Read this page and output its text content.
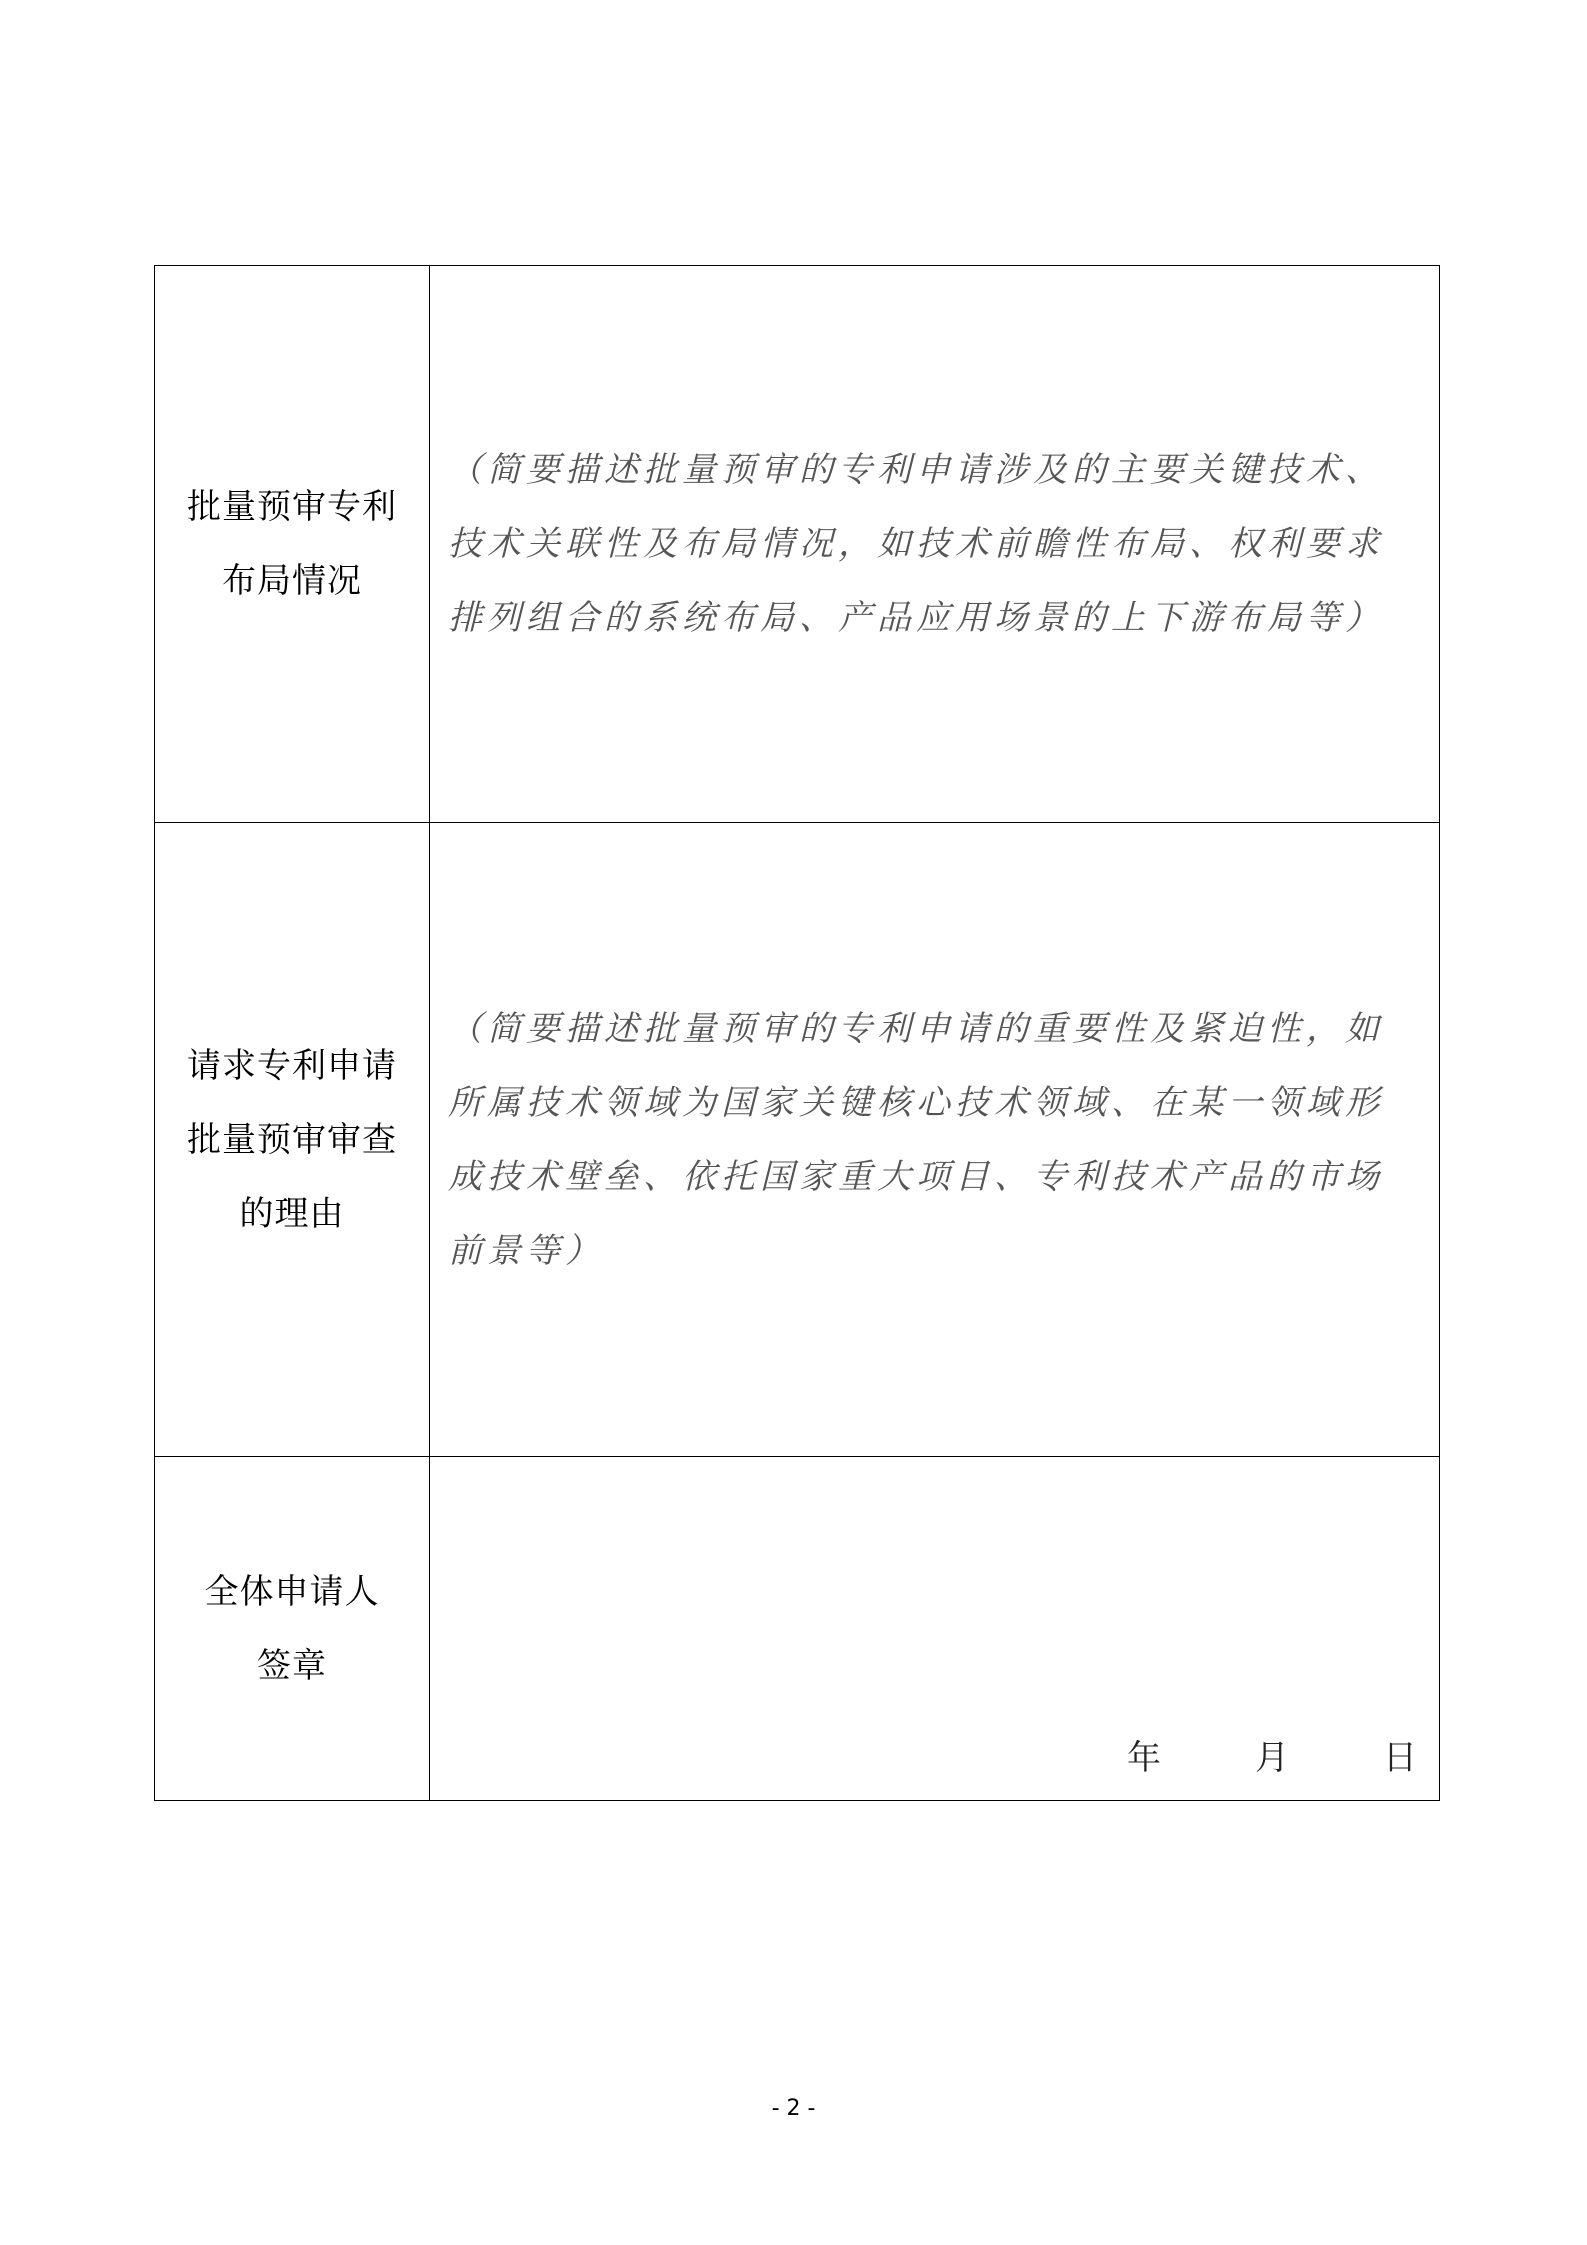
批量预审专利
布局情况	（简要描述批量预审的专利申请涉及的主要关键技术、技术关联性及布局情况，如技术前瞻性布局、权利要求排列组合的系统布局、产品应用场景的上下游布局等）

请求专利申请
批量预审审查
的理由	（简要描述批量预审的专利申请的重要性及紧迫性，如所属技术领域为国家关键核心技术领域、在某一领域形成技术壁垒、依托国家重大项目、专利技术产品的市场前景等）

全体申请人
签章	年 月 日
- 2 -
